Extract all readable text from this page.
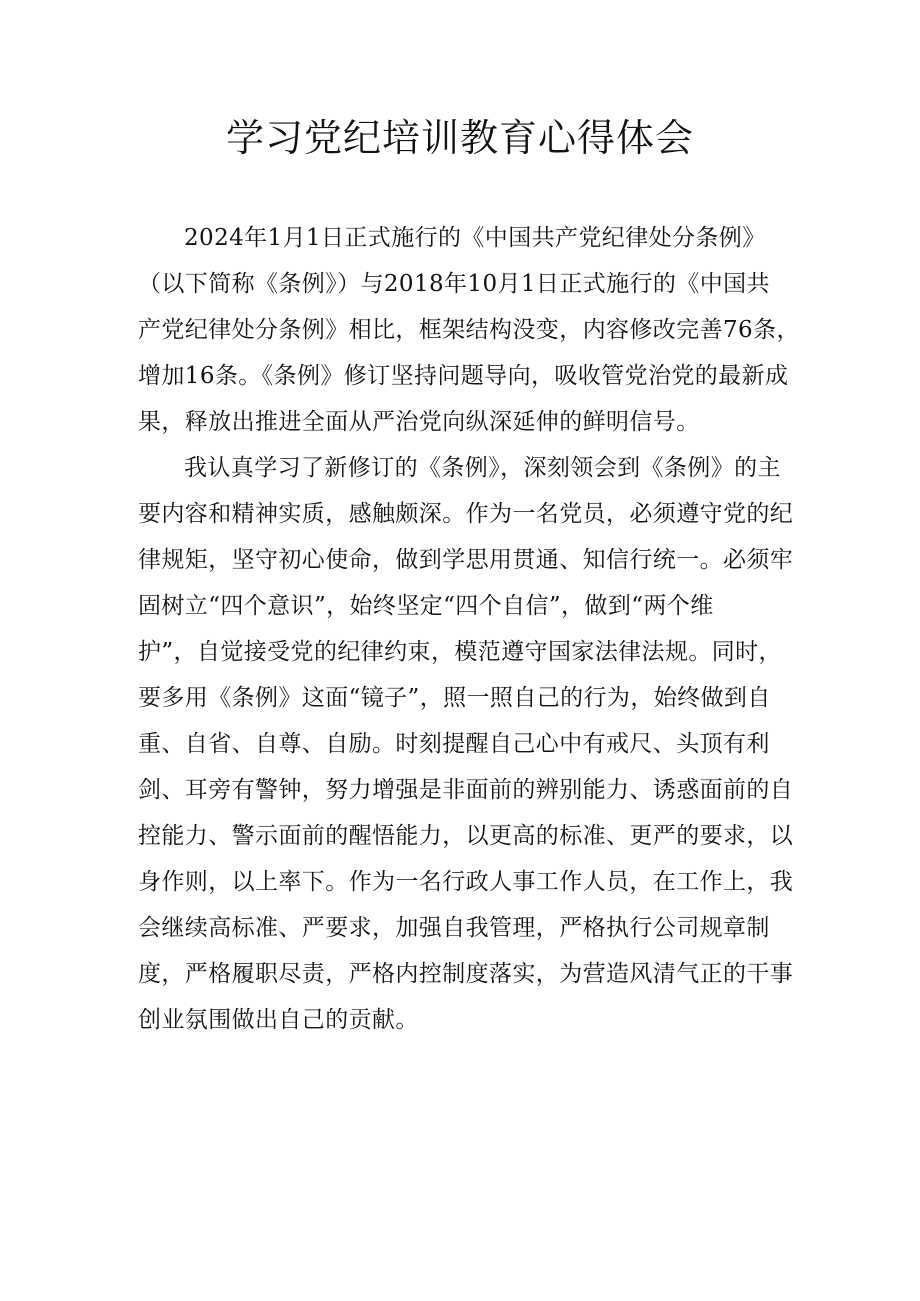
学习党纪培训教育心得体会

2024年1月1日正式施行的《中国共产党纪律处分条例》
（以下简称《条例》）与2018年10月1日正式施行的《中国共
产党纪律处分条例》相比，框架结构没变，内容修改完善76条，
增加16条。《条例》修订坚持问题导向，吸收管党治党的最新成
果，释放出推进全面从严治党向纵深延伸的鲜明信号。

我认真学习了新修订的《条例》，深刻领会到《条例》的主
要内容和精神实质，感触颇深。作为一名党员，必须遵守党的纪
律规矩，坚守初心使命，做到学思用贯通、知信行统一。必须牢
固树立“四个意识”，始终坚定“四个自信”，做到“两个维
护”，自觉接受党的纪律约束，模范遵守国家法律法规。同时，
要多用《条例》这面“镜子”，照一照自己的行为，始终做到自
重、自省、自尊、自励。时刻提醒自己心中有戒尺、头顶有利
剑、耳旁有警钟，努力增强是非面前的辨别能力、诱惑面前的自
控能力、警示面前的醒悟能力，以更高的标准、更严的要求，以
身作则，以上率下。作为一名行政人事工作人员，在工作上，我
会继续高标准、严要求，加强自我管理，严格执行公司规章制
度，严格履职尽责，严格内控制度落实，为营造风清气正的干事
创业氛围做出自己的贡献。
